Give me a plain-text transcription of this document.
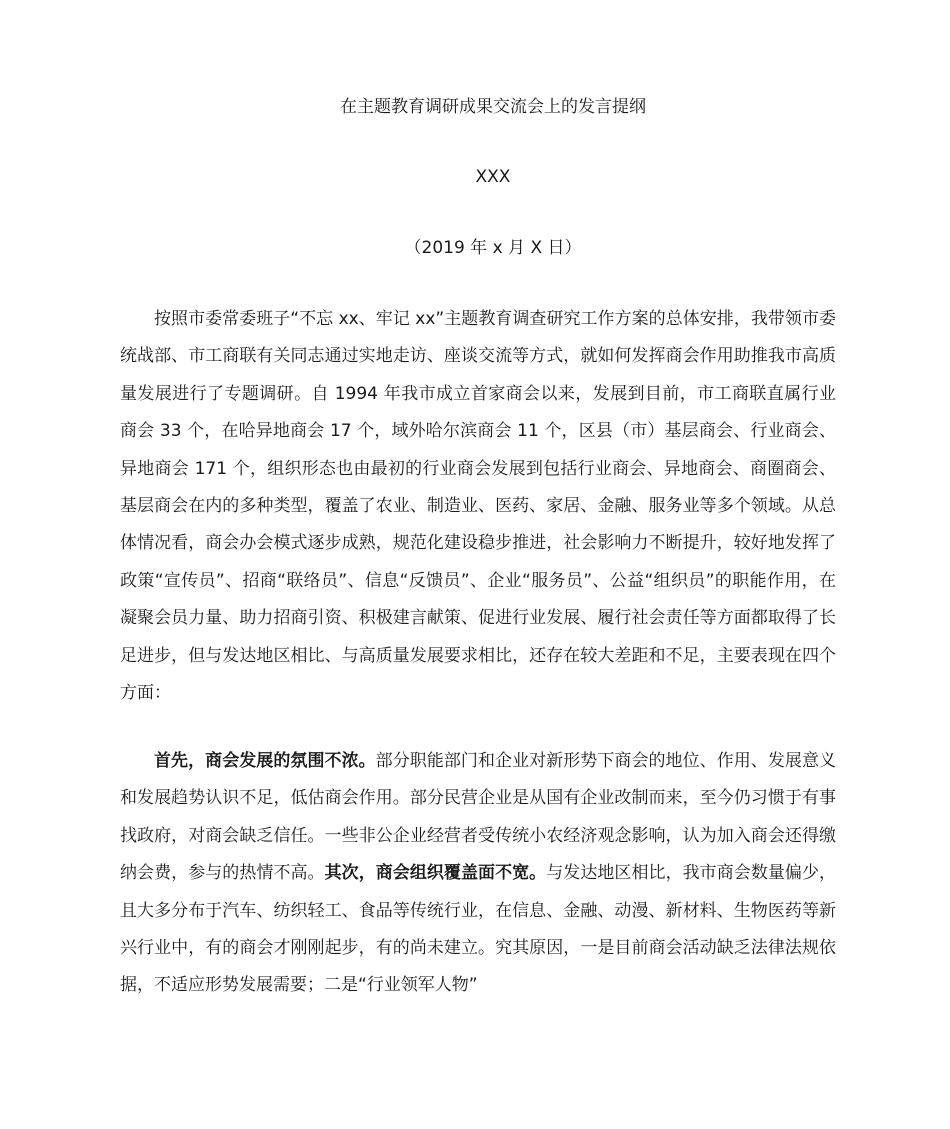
在主题教育调研成果交流会上的发言提纲
XXX
（2019 年 x 月 X 日）

按照市委常委班子“不忘 xx、牢记 xx”主题教育调查研究工作方案的总体安排，我带领市委统战部、市工商联有关同志通过实地走访、座谈交流等方式，就如何发挥商会作用助推我市高质量发展进行了专题调研。自 1994 年我市成立首家商会以来，发展到目前，市工商联直属行业商会 33 个，在哈异地商会 17 个，域外哈尔滨商会 11 个，区县（市）基层商会、行业商会、异地商会 171 个，组织形态也由最初的行业商会发展到包括行业商会、异地商会、商圈商会、基层商会在内的多种类型，覆盖了农业、制造业、医药、家居、金融、服务业等多个领域。从总体情况看，商会办会模式逐步成熟，规范化建设稳步推进，社会影响力不断提升，较好地发挥了政策“宣传员”、招商“联络员”、信息“反馈员”、企业“服务员”、公益“组织员”的职能作用，在凝聚会员力量、助力招商引资、积极建言献策、促进行业发展、履行社会责任等方面都取得了长足进步，但与发达地区相比、与高质量发展要求相比，还存在较大差距和不足，主要表现在四个方面：

首先，商会发展的氛围不浓。部分职能部门和企业对新形势下商会的地位、作用、发展意义和发展趋势认识不足，低估商会作用。部分民营企业是从国有企业改制而来，至今仍习惯于有事找政府，对商会缺乏信任。一些非公企业经营者受传统小农经济观念影响，认为加入商会还得缴纳会费，参与的热情不高。其次，商会组织覆盖面不宽。与发达地区相比，我市商会数量偏少，且大多分布于汽车、纺织轻工、食品等传统行业，在信息、金融、动漫、新材料、生物医药等新兴行业中，有的商会才刚刚起步，有的尚未建立。究其原因，一是目前商会活动缺乏法律法规依据，不适应形势发展需要；二是“行业领军人物”
